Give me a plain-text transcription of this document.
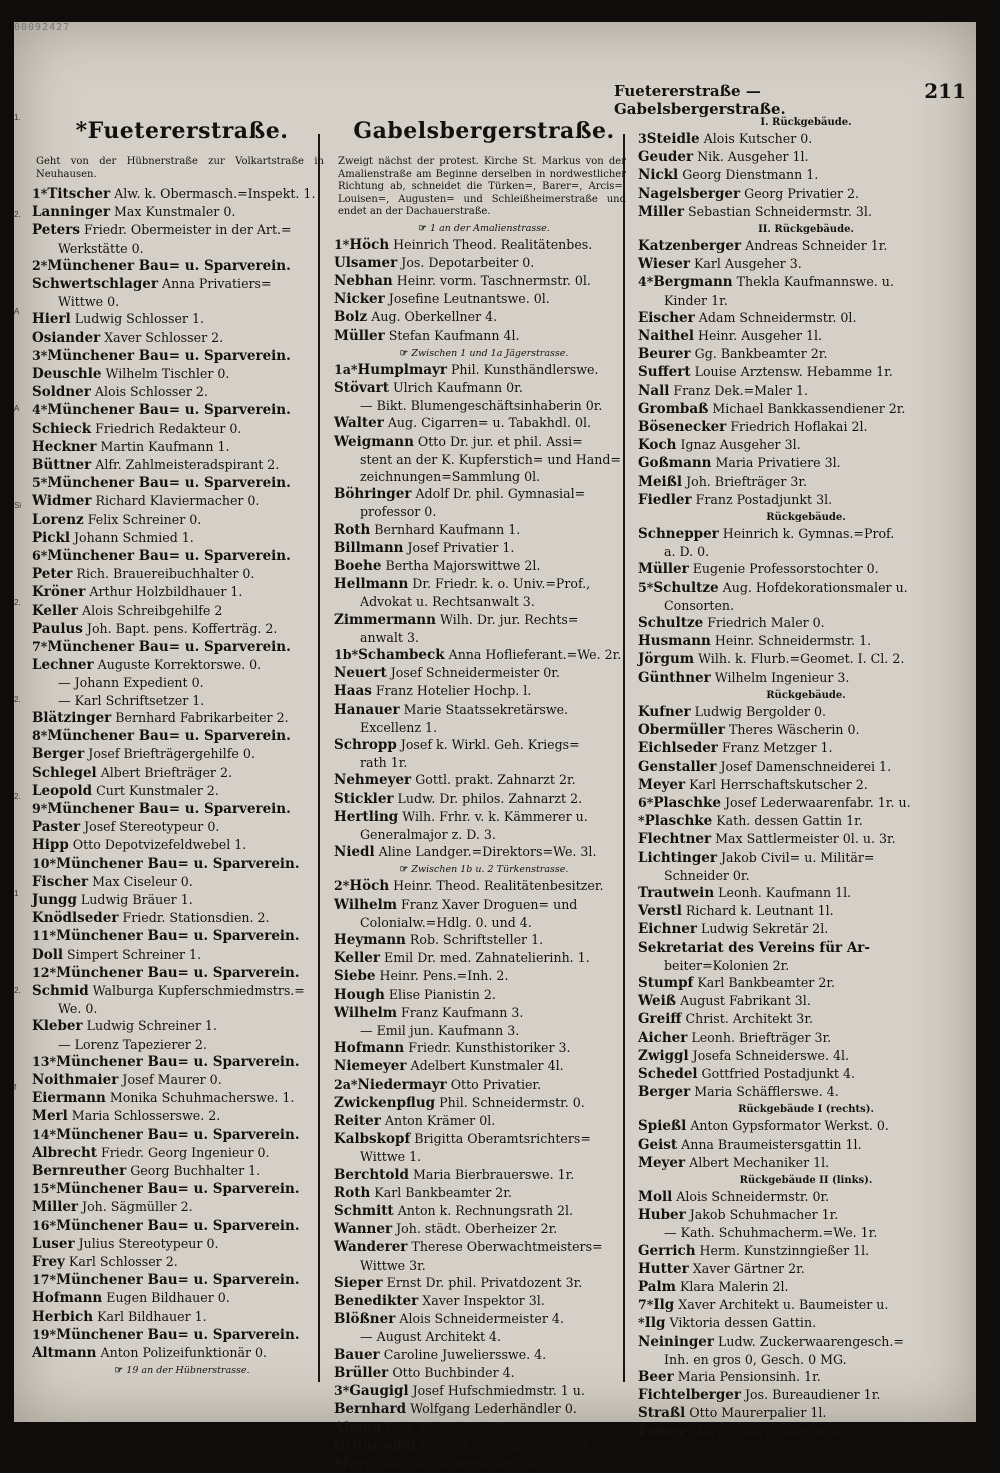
00092427
1.
2.
A
A
Si
2.
2.
2.
1
2.
f
Fuetererstraße — Gabelsbergerstraße.
211
*Fuetererstraße.
Geht von der Hübnerstraße zur Volkartstraße in Neuhausen.
1*Titscher Alw. k. Obermasch.=Inspekt. 1.
Lanninger Max Kunstmaler 0.
Peters Friedr. Obermeister in der Art.=
Werkstätte 0.
2*Münchener Bau= u. Sparverein.
Schwertschlager Anna Privatiers=
Wittwe 0.
Hierl Ludwig Schlosser 1.
Osiander Xaver Schlosser 2.
3*Münchener Bau= u. Sparverein.
Deuschle Wilhelm Tischler 0.
Soldner Alois Schlosser 2.
4*Münchener Bau= u. Sparverein.
Schieck Friedrich Redakteur 0.
Heckner Martin Kaufmann 1.
Büttner Alfr. Zahlmeisteradspirant 2.
5*Münchener Bau= u. Sparverein.
Widmer Richard Klaviermacher 0.
Lorenz Felix Schreiner 0.
Pickl Johann Schmied 1.
6*Münchener Bau= u. Sparverein.
Peter Rich. Brauereibuchhalter 0.
Kröner Arthur Holzbildhauer 1.
Keller Alois Schreibgehilfe 2
Paulus Joh. Bapt. pens. Kofferträg. 2.
7*Münchener Bau= u. Sparverein.
Lechner Auguste Korrektorswe. 0.
— Johann Expedient 0.
— Karl Schriftsetzer 1.
Blätzinger Bernhard Fabrikarbeiter 2.
8*Münchener Bau= u. Sparverein.
Berger Josef Briefträgergehilfe 0.
Schlegel Albert Briefträger 2.
Leopold Curt Kunstmaler 2.
9*Münchener Bau= u. Sparverein.
Paster Josef Stereotypeur 0.
Hipp Otto Depotvizefeldwebel 1.
10*Münchener Bau= u. Sparverein.
Fischer Max Ciseleur 0.
Jungg Ludwig Bräuer 1.
Knödlseder Friedr. Stationsdien. 2.
11*Münchener Bau= u. Sparverein.
Doll Simpert Schreiner 1.
12*Münchener Bau= u. Sparverein.
Schmid Walburga Kupferschmiedmstrs.=
We. 0.
Kleber Ludwig Schreiner 1.
— Lorenz Tapezierer 2.
13*Münchener Bau= u. Sparverein.
Noithmaier Josef Maurer 0.
Eiermann Monika Schuhmacherswe. 1.
Merl Maria Schlosserswe. 2.
14*Münchener Bau= u. Sparverein.
Albrecht Friedr. Georg Ingenieur 0.
Bernreuther Georg Buchhalter 1.
15*Münchener Bau= u. Sparverein.
Miller Joh. Sägmüller 2.
16*Münchener Bau= u. Sparverein.
Luser Julius Stereotypeur 0.
Frey Karl Schlosser 2.
17*Münchener Bau= u. Sparverein.
Hofmann Eugen Bildhauer 0.
Herbich Karl Bildhauer 1.
19*Münchener Bau= u. Sparverein.
Altmann Anton Polizeifunktionär 0.
☞ 19 an der Hübnerstrasse.
Gabelsbergerstraße.
Zweigt nächst der protest. Kirche St. Markus von der Amalienstraße am Beginne derselben in nordwestlicher Richtung ab, schneidet die Türken=, Barer=, Arcis=, Louisen=, Augusten= und Schleißheimerstraße und endet an der Dachauerstraße.
☞ 1 an der Amalienstrasse.
1*Höch Heinrich Theod. Realitätenbes.
Ulsamer Jos. Depotarbeiter 0.
Nebhan Heinr. vorm. Taschnermstr. 0l.
Nicker Josefine Leutnantswe. 0l.
Bolz Aug. Oberkellner 4.
Müller Stefan Kaufmann 4l.
☞ Zwischen 1 und 1a Jägerstrasse.
1a*Humplmayr Phil. Kunsthändlerswe.
Stövart Ulrich Kaufmann 0r.
— Bikt. Blumengeschäftsinhaberin 0r.
Walter Aug. Cigarren= u. Tabakhdl. 0l.
Weigmann Otto Dr. jur. et phil. Assi=
stent an der K. Kupferstich= und Hand=
zeichnungen=Sammlung 0l.
Böhringer Adolf Dr. phil. Gymnasial=
professor 0.
Roth Bernhard Kaufmann 1.
Billmann Josef Privatier 1.
Boehe Bertha Majorswittwe 2l.
Hellmann Dr. Friedr. k. o. Univ.=Prof.,
Advokat u. Rechtsanwalt 3.
Zimmermann Wilh. Dr. jur. Rechts=
anwalt 3.
1b*Schambeck Anna Hoflieferant.=We. 2r.
Neuert Josef Schneidermeister 0r.
Haas Franz Hotelier Hochp. l.
Hanauer Marie Staatssekretärswe.
Excellenz 1.
Schropp Josef k. Wirkl. Geh. Kriegs=
rath 1r.
Nehmeyer Gottl. prakt. Zahnarzt 2r.
Stickler Ludw. Dr. philos. Zahnarzt 2.
Hertling Wilh. Frhr. v. k. Kämmerer u.
Generalmajor z. D. 3.
Niedl Aline Landger.=Direktors=We. 3l.
☞ Zwischen 1b u. 2 Türkenstrasse.
2*Höch Heinr. Theod. Realitätenbesitzer.
Wilhelm Franz Xaver Droguen= und
Colonialw.=Hdlg. 0. und 4.
Heymann Rob. Schriftsteller 1.
Keller Emil Dr. med. Zahnatelierinh. 1.
Siebe Heinr. Pens.=Inh. 2.
Hough Elise Pianistin 2.
Wilhelm Franz Kaufmann 3.
— Emil jun. Kaufmann 3.
Hofmann Friedr. Kunsthistoriker 3.
Niemeyer Adelbert Kunstmaler 4l.
2a*Niedermayr Otto Privatier.
Zwickenpflug Phil. Schneidermstr. 0.
Reiter Anton Krämer 0l.
Kalbskopf Brigitta Oberamtsrichters=
Wittwe 1.
Berchtold Maria Bierbrauerswe. 1r.
Roth Karl Bankbeamter 2r.
Schmitt Anton k. Rechnungsrath 2l.
Wanner Joh. städt. Oberheizer 2r.
Wanderer Therese Oberwachtmeisters=
Wittwe 3r.
Sieper Ernst Dr. phil. Privatdozent 3r.
Benedikter Xaver Inspektor 3l.
Blößner Alois Schneidermeister 4.
— August Architekt 4.
Bauer Caroline Juweliersswe. 4.
Brüller Otto Buchbinder 4.
3*Gaugigl Josef Hufschmiedmstr. 1 u.
Bernhard Wolfgang Lederhändler 0.
Abegg Rud. Buchhalter 2.
Grünwedel Karol. Kunstmalerstocht.3.
Mayr Johanna Bahnmeisterswe. 3.
I. Rückgebäude.
3Steidle Alois Kutscher 0.
Geuder Nik. Ausgeher 1l.
Nickl Georg Dienstmann 1.
Nagelsberger Georg Privatier 2.
Miller Sebastian Schneidermstr. 3l.
II. Rückgebäude.
Katzenberger Andreas Schneider 1r.
Wieser Karl Ausgeher 3.
4*Bergmann Thekla Kaufmannswe. u.
Kinder 1r.
Eischer Adam Schneidermstr. 0l.
Naithel Heinr. Ausgeher 1l.
Beurer Gg. Bankbeamter 2r.
Suffert Louise Arztensw. Hebamme 1r.
Nall Franz Dek.=Maler 1.
Grombaß Michael Bankkassendiener 2r.
Bösenecker Friedrich Hoflakai 2l.
Koch Ignaz Ausgeher 3l.
Goßmann Maria Privatiere 3l.
Meißl Joh. Briefträger 3r.
Fiedler Franz Postadjunkt 3l.
Rückgebäude.
Schnepper Heinrich k. Gymnas.=Prof.
a. D. 0.
Müller Eugenie Professorstochter 0.
5*Schultze Aug. Hofdekorationsmaler u.
Consorten.
Schultze Friedrich Maler 0.
Husmann Heinr. Schneidermstr. 1.
Jörgum Wilh. k. Flurb.=Geomet. I. Cl. 2.
Günthner Wilhelm Ingenieur 3.
Rückgebäude.
Kufner Ludwig Bergolder 0.
Obermüller Theres Wäscherin 0.
Eichlseder Franz Metzger 1.
Genstaller Josef Damenschneiderei 1.
Meyer Karl Herrschaftskutscher 2.
6*Plaschke Josef Lederwaarenfabr. 1r. u.
*Plaschke Kath. dessen Gattin 1r.
Flechtner Max Sattlermeister 0l. u. 3r.
Lichtinger Jakob Civil= u. Militär=
Schneider 0r.
Trautwein Leonh. Kaufmann 1l.
Verstl Richard k. Leutnant 1l.
Eichner Ludwig Sekretär 2l.
Sekretariat des Vereins für Ar-
beiter=Kolonien 2r.
Stumpf Karl Bankbeamter 2r.
Weiß August Fabrikant 3l.
Greiff Christ. Architekt 3r.
Aicher Leonh. Briefträger 3r.
Zwiggl Josefa Schneiderswe. 4l.
Schedel Gottfried Postadjunkt 4.
Berger Maria Schäfflerswe. 4.
Rückgebäude I (rechts).
Spießl Anton Gypsformator Werkst. 0.
Geist Anna Braumeistersgattin 1l.
Meyer Albert Mechaniker 1l.
Rückgebäude II (links).
Moll Alois Schneidermstr. 0r.
Huber Jakob Schuhmacher 1r.
— Kath. Schuhmacherm.=We. 1r.
Gerrich Herm. Kunstzinngießer 1l.
Hutter Xaver Gärtner 2r.
Palm Klara Malerin 2l.
7*Ilg Xaver Architekt u. Baumeister u.
*Ilg Viktoria dessen Gattin.
Neininger Ludw. Zuckerwaarengesch.=
Inh. en gros 0, Gesch. 0 MG.
Beer Maria Pensionsinh. 1r.
Fichtelberger Jos. Bureaudiener 1r.
Straßl Otto Maurerpalier 1l.
Feiner Marg. Oberförsters=We. 2r.
